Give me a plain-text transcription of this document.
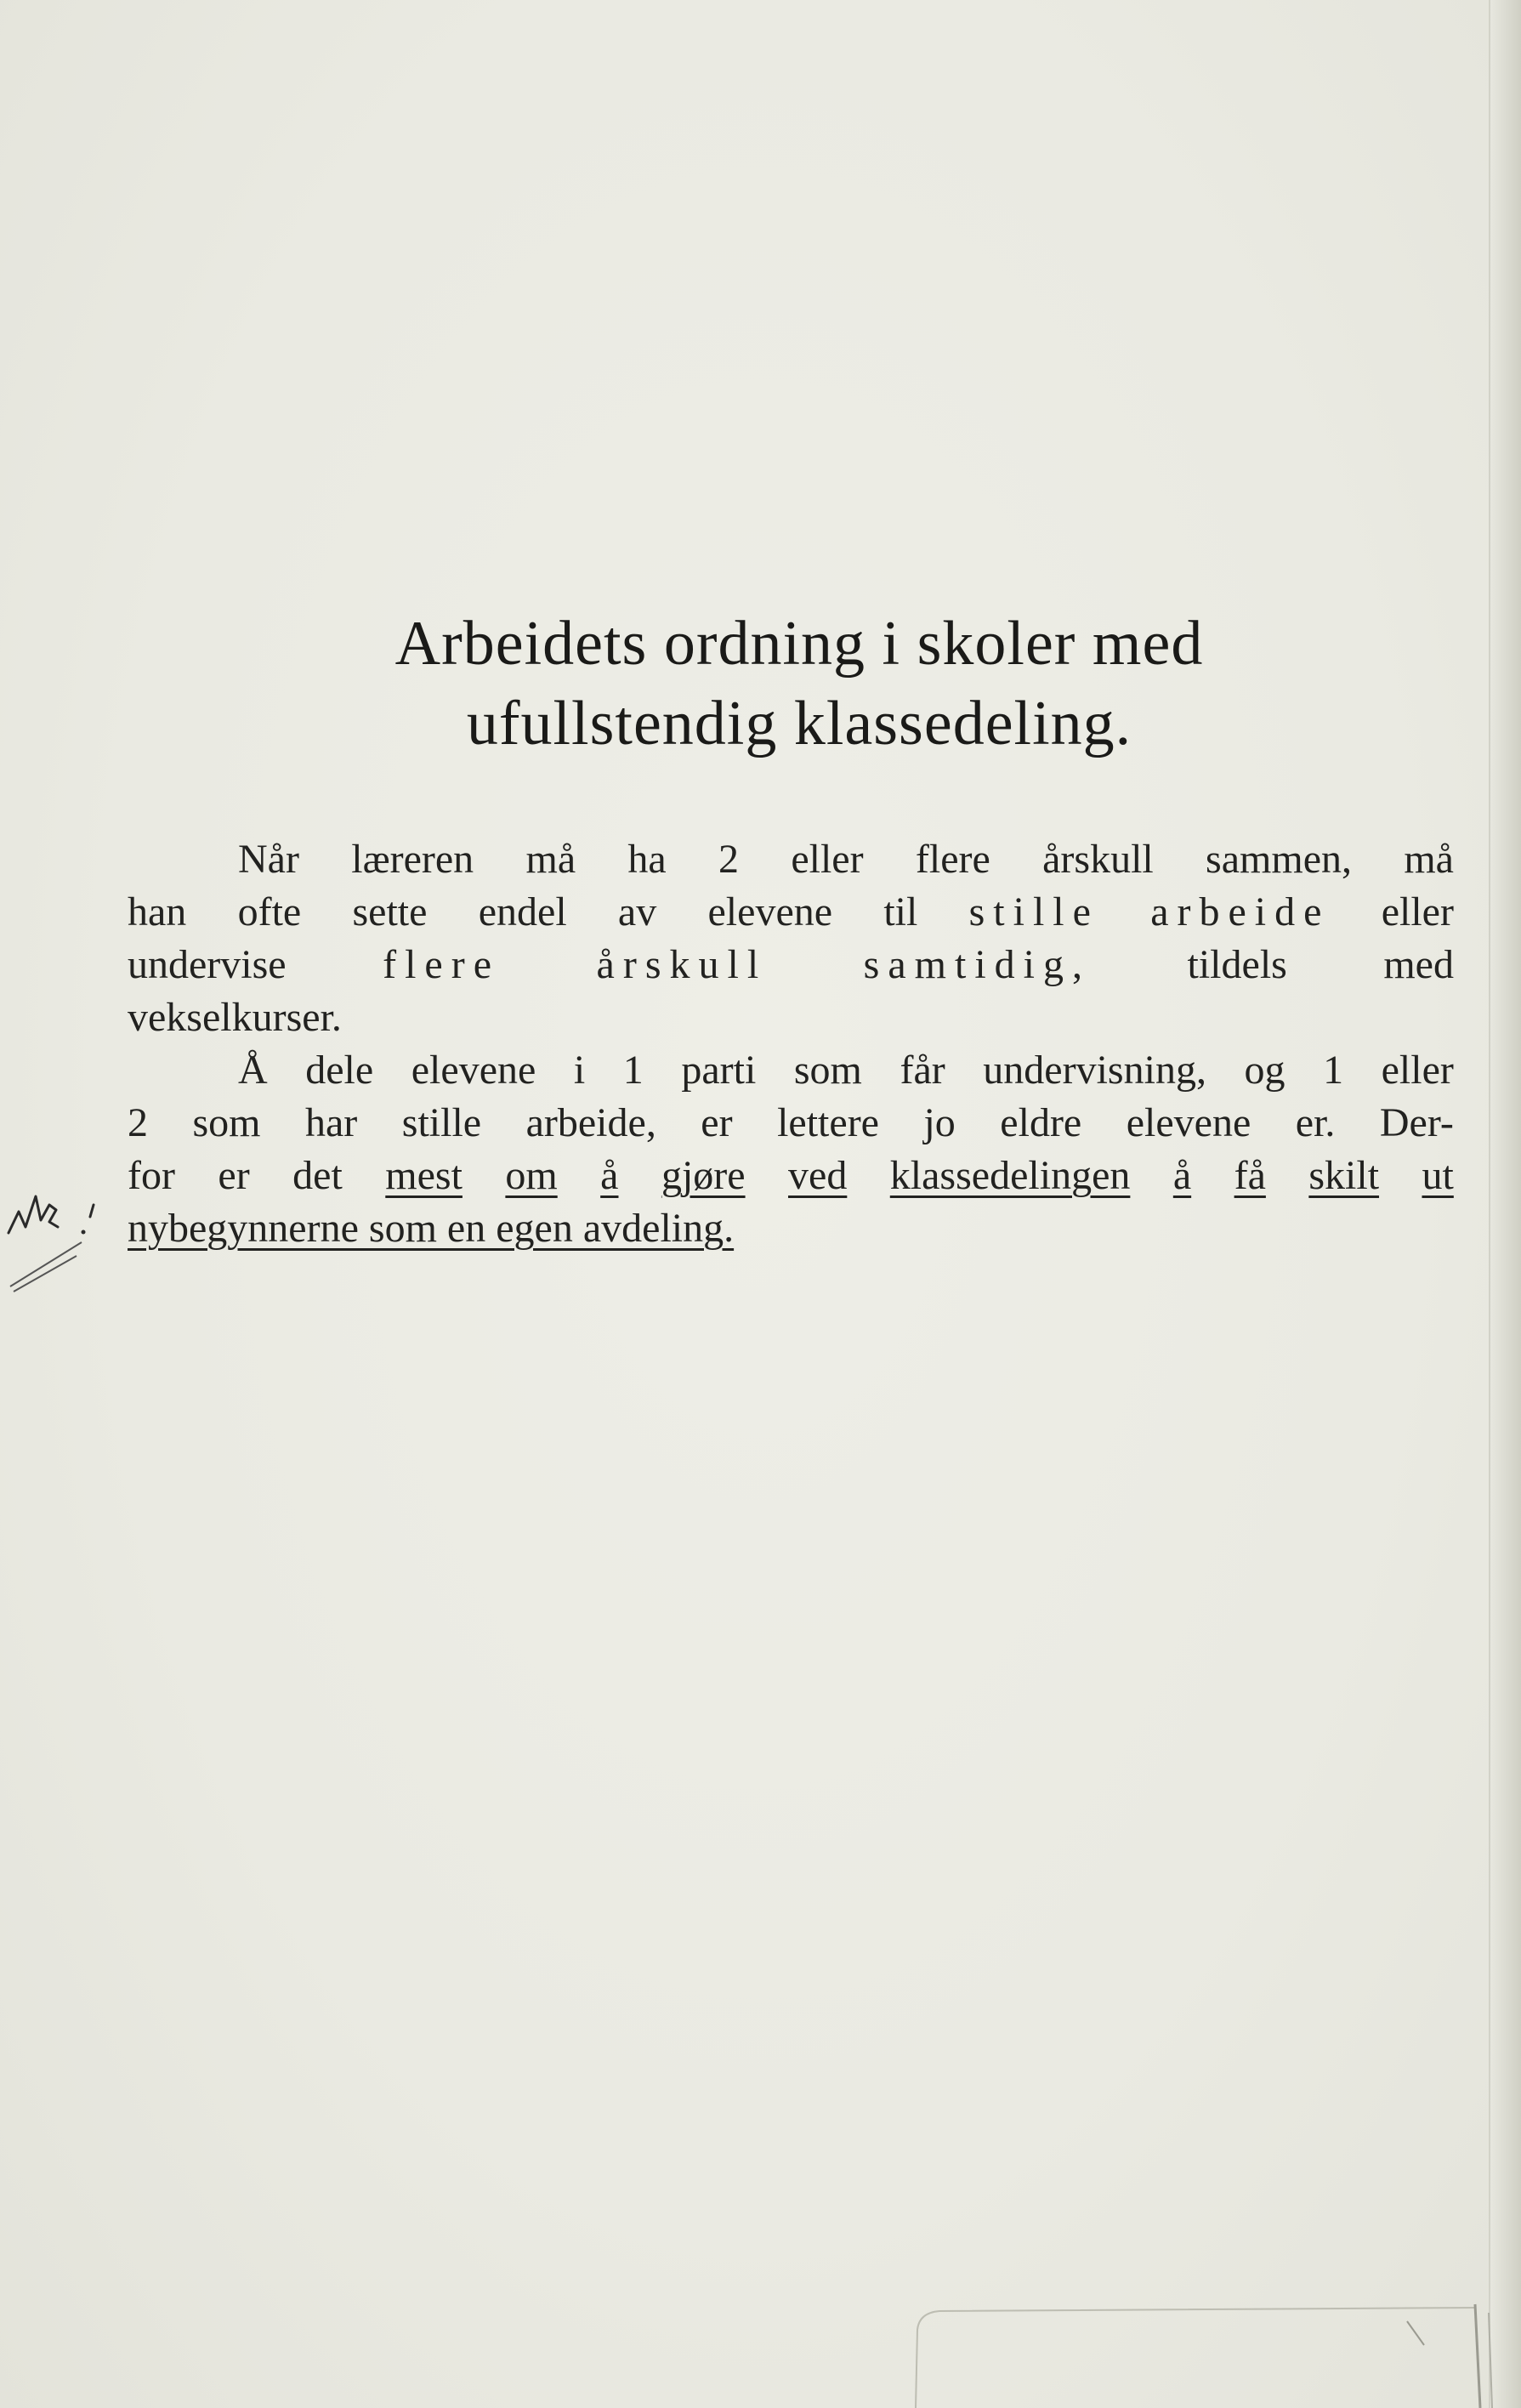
Arbeidets ordning i skoler med
ufullstendig klassedeling.
Når læreren må ha 2 eller flere årskull sammen, må
han ofte sette endel av elevene til stille arbeide eller
undervise flere årskull samtidig, tildels med
vekselkurser.
Å dele elevene i 1 parti som får undervisning, og 1 eller
2 som har stille arbeide, er lettere jo eldre elevene er. Der-
for er det mest om å gjøre ved klassedelingen å få skilt ut
nybegynnerne som en egen avdeling.
